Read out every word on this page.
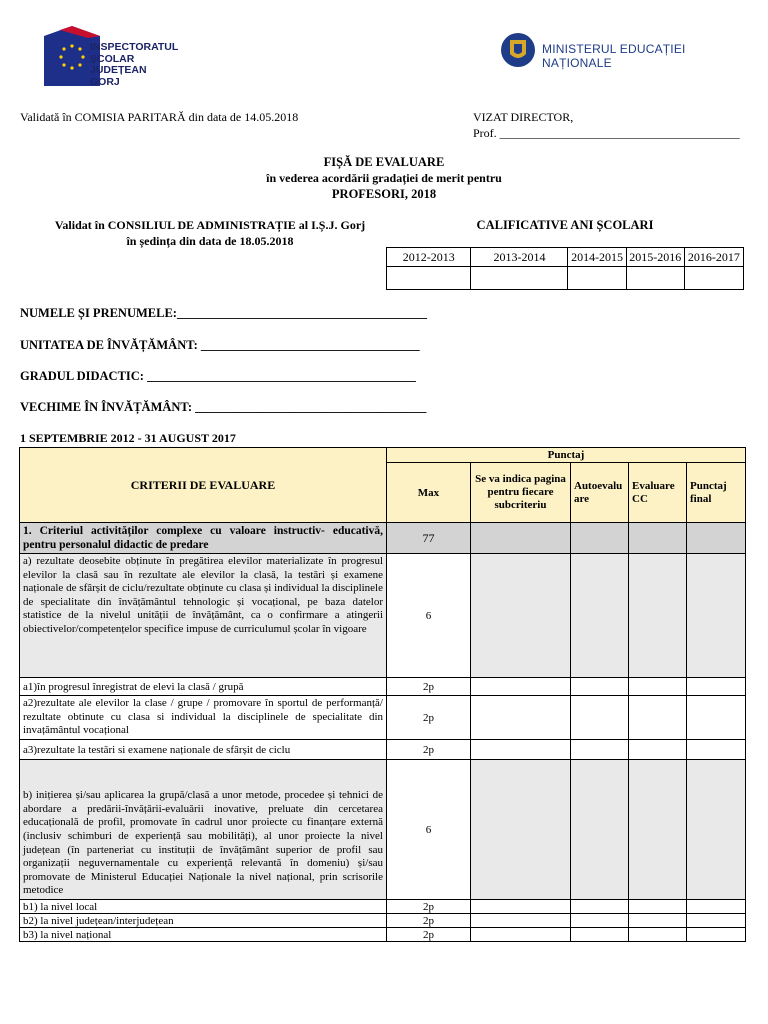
INSPECTORATUL
ȘCOLAR
JUDEȚEAN
GORJ
MINISTERUL EDUCAȚIEI NAȚIONALE
Validată în COMISIA PARITARĂ din data de 14.05.2018	VIZAT DIRECTOR,
Prof. ________________________________________
FIȘĂ DE EVALUARE
în vederea acordării gradației de merit pentru
PROFESORI, 2018
Validat în CONSILIUL DE ADMINISTRAȚIE al I.Ș.J. Gorj
în ședința din data de 18.05.2018
CALIFICATIVE ANI ȘCOLARI
2012-2013	2013-2014	2014-2015	2015-2016	2016-2017

NUMELE ȘI PRENUMELE:________________________________________
UNITATEA DE ÎNVĂȚĂMÂNT: ___________________________________
GRADUL DIDACTIC: ___________________________________________
VECHIME ÎN ÎNVĂȚĂMÂNT: _____________________________________
1 SEPTEMBRIE 2012 - 31 AUGUST 2017
CRITERII DE EVALUARE	Punctaj				
	Max	Se va indica pagina pentru fiecare subcriteriu	Autoevaluare	Evaluare CC	Punctaj final
1. Criteriul activităților complexe cu valoare instructiv- educativă, pentru personalul didactic de predare	77				
a) rezultate deosebite obținute în pregătirea elevilor materializate în progresul elevilor la clasă sau în rezultate ale elevilor la clasă, la testări și examene naționale de sfârșit de ciclu/rezultate obținute cu clasa și individual la disciplinele de specialitate din învățământul tehnologic și vocațional, pe baza datelor statistice de la nivelul unității de învățământ, ca o confirmare a atingerii obiectivelor/competențelor specifice impuse de curriculumul școlar în vigoare	6				
a1)în progresul înregistrat de elevi la clasă / grupă	2p				
a2)rezultate ale elevilor la clase / grupe / promovare în sportul de performanță/ rezultate obtinute cu clasa si individual la disciplinele de specialitate din invațământul vocațional	2p				
a3)rezultate la testări si examene naționale de sfârșit de ciclu	2p				
b) inițierea și/sau aplicarea la grupă/clasă a unor metode, procedee și tehnici de abordare a predării-învățării-evaluării inovative, preluate din cercetarea educațională de profil, promovate în cadrul unor proiecte cu finanțare externă (inclusiv schimburi de experiență sau mobilități), al unor proiecte la nivel județean (în parteneriat cu instituții de învățământ superior de profil sau organizații neguvernamentale cu experiență relevantă în domeniu) și/sau promovate de Ministerul Educației Naționale la nivel național, prin scrisorile metodice	6				
b1) la nivel local	2p				
b2) la nivel județean/interjudețean	2p				
b3) la nivel național	2p				
